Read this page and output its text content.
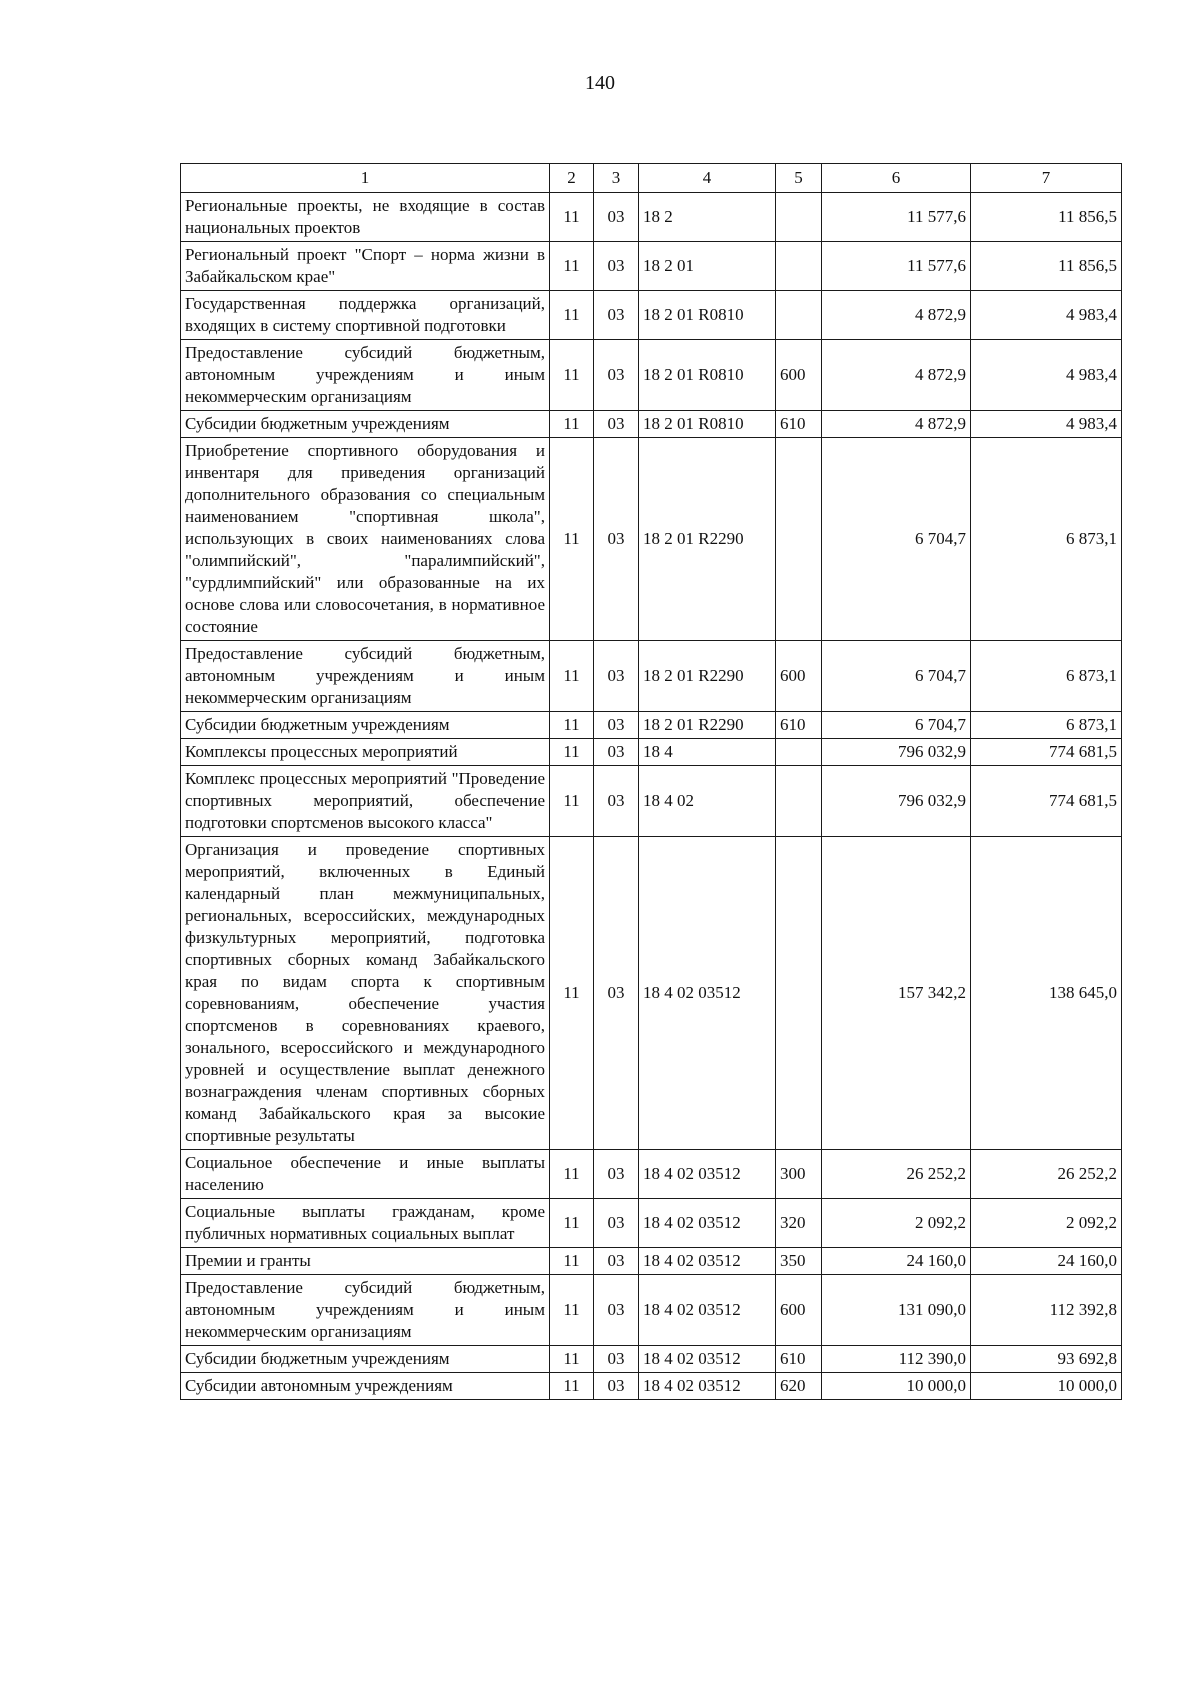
140
1	2	3	4	5	6	7
Региональные проекты, не входящие в состав национальных проектов	11	03	18 2		11 577,6	11 856,5
Региональный проект "Спорт – норма жизни в Забайкальском крае"	11	03	18 2 01		11 577,6	11 856,5
Государственная поддержка организаций, входящих в систему спортивной подготовки	11	03	18 2 01 R0810		4 872,9	4 983,4
Предоставление субсидий бюджетным, автономным учреждениям и иным некоммерческим организациям	11	03	18 2 01 R0810	600	4 872,9	4 983,4
Субсидии бюджетным учреждениям	11	03	18 2 01 R0810	610	4 872,9	4 983,4
Приобретение спортивного оборудования и инвентаря для приведения организаций дополнительного образования со специальным наименованием "спортивная школа", использующих в своих наименованиях слова "олимпийский", "паралимпийский", "сурдлимпийский" или образованные на их основе слова или словосочетания, в нормативное состояние	11	03	18 2 01 R2290		6 704,7	6 873,1
Предоставление субсидий бюджетным, автономным учреждениям и иным некоммерческим организациям	11	03	18 2 01 R2290	600	6 704,7	6 873,1
Субсидии бюджетным учреждениям	11	03	18 2 01 R2290	610	6 704,7	6 873,1
Комплексы процессных мероприятий	11	03	18 4		796 032,9	774 681,5
Комплекс процессных мероприятий "Проведение спортивных мероприятий, обеспечение подготовки спортсменов высокого класса"	11	03	18 4 02		796 032,9	774 681,5
Организация и проведение спортивных мероприятий, включенных в Единый календарный план межмуниципальных, региональных, всероссийских, международных физкультурных мероприятий, подготовка спортивных сборных команд Забайкальского края по видам спорта к спортивным соревнованиям, обеспечение участия спортсменов в соревнованиях краевого, зонального, всероссийского и международного уровней и осуществление выплат денежного вознаграждения членам спортивных сборных команд Забайкальского края за высокие спортивные результаты	11	03	18 4 02 03512		157 342,2	138 645,0
Социальное обеспечение и иные выплаты населению	11	03	18 4 02 03512	300	26 252,2	26 252,2
Социальные выплаты гражданам, кроме публичных нормативных социальных выплат	11	03	18 4 02 03512	320	2 092,2	2 092,2
Премии и гранты	11	03	18 4 02 03512	350	24 160,0	24 160,0
Предоставление субсидий бюджетным, автономным учреждениям и иным некоммерческим организациям	11	03	18 4 02 03512	600	131 090,0	112 392,8
Субсидии бюджетным учреждениям	11	03	18 4 02 03512	610	112 390,0	93 692,8
Субсидии автономным учреждениям	11	03	18 4 02 03512	620	10 000,0	10 000,0
